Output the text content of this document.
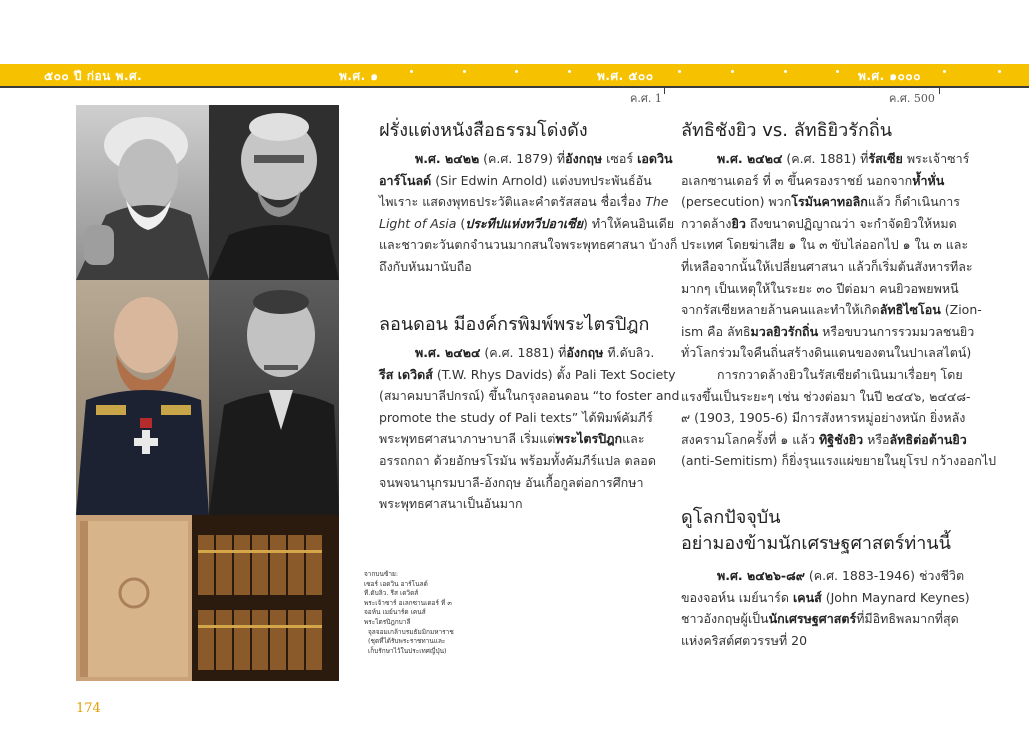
๕๐๐ ปี ก่อน พ.ศ.	พ.ศ. ๑	พ.ศ. ๕๐๐	พ.ศ. ๑๐๐๐
ค.ศ. 1	ค.ศ. 500
จากบนซ้าย:
เซอร์ เอดวิน อาร์โนลด์
ที.ดับลิว. รีส เดวิดส์
พระเจ้าซาร์ อเลกซานเดอร์ ที่ ๓
จอห์น เมย์นาร์ด เคนส์
พระไตรปิฎกบาลี
จุลจอมเกล้าบรมธัมมิกมหาราช
(ชุดที่ได้รับพระราชทานและ
เก็บรักษาไว้ในประเทศญี่ปุ่น)
174
ฝรั่งแต่งหนังสือธรรมโด่งดัง
พ.ศ. ๒๔๒๒ (ค.ศ. 1879) ที่อังกฤษ เซอร์ เอดวิน
อาร์โนลด์ (Sir Edwin Arnold) แต่งบทประพันธ์อัน
ไพเราะ แสดงพุทธประวัติและคำตรัสสอน ชื่อเรื่อง The
Light of Asia (ประทีปแห่งทวีปอาเซีย) ทำให้คนอินเดีย
และชาวตะวันตกจำนวนมากสนใจพระพุทธศาสนา บ้างก็
ถึงกับหันมานับถือ
ลอนดอน มีองค์กรพิมพ์พระไตรปิฎก
พ.ศ. ๒๔๒๔ (ค.ศ. 1881) ที่อังกฤษ ที.ดับลิว.
รีส เดวิดส์ (T.W. Rhys Davids) ตั้ง Pali Text Society
(สมาคมบาลีปกรณ์) ขึ้นในกรุงลอนดอน “to foster and
promote the study of Pali texts” ได้พิมพ์คัมภีร์
พระพุทธศาสนาภาษาบาลี เริ่มแต่พระไตรปิฎกและ
อรรถกถา ด้วยอักษรโรมัน พร้อมทั้งคัมภีร์แปล ตลอด
จนพจนานุกรมบาลี-อังกฤษ อันเกื้อกูลต่อการศึกษา
พระพุทธศาสนาเป็นอันมาก
ลัทธิชังยิว vs. ลัทธิยิวรักถิ่น
พ.ศ. ๒๔๒๔ (ค.ศ. 1881) ที่รัสเซีย พระเจ้าซาร์
อเลกซานเดอร์ ที่ ๓ ขึ้นครองราชย์ นอกจากห้ำหั่น
(persecution) พวกโรมันคาทอลิกแล้ว ก็ดำเนินการ
กวาดล้างยิว ถึงขนาดปฏิญาณว่า จะกำจัดยิวให้หมด
ประเทศ โดยฆ่าเสีย ๑ ใน ๓ ขับไล่ออกไป ๑ ใน ๓ และ
ที่เหลือจากนั้นให้เปลี่ยนศาสนา แล้วก็เริ่มต้นสังหารทีละ
มากๆ เป็นเหตุให้ในระยะ ๓๐ ปีต่อมา คนยิวอพยพหนี
จากรัสเซียหลายล้านคนและทำให้เกิดลัทธิไซโอน (Zion-
ism คือ ลัทธิมวลยิวรักถิ่น หรือขบวนการรวมมวลชนยิว
ทั่วโลกร่วมใจคืนถิ่นสร้างดินแดนของตนในปาเลสไตน์)
การกวาดล้างยิวในรัสเซียดำเนินมาเรื่อยๆ โดย
แรงขึ้นเป็นระยะๆ เช่น ช่วงต่อมา ในปี ๒๔๔๖, ๒๔๔๘-
๙ (1903, 1905-6) มีการสังหารหมู่อย่างหนัก ยิ่งหลัง
สงครามโลกครั้งที่ ๑ แล้ว ทิฐิชังยิว หรือลัทธิต่อต้านยิว
(anti-Semitism) ก็ยิ่งรุนแรงแผ่ขยายในยุโรป กว้างออกไป
ดูโลกปัจจุบัน
อย่ามองข้ามนักเศรษฐศาสตร์ท่านนี้
พ.ศ. ๒๔๒๖-๘๙ (ค.ศ. 1883-1946) ช่วงชีวิต
ของจอห์น เมย์นาร์ด เคนส์ (John Maynard Keynes)
ชาวอังกฤษผู้เป็นนักเศรษฐศาสตร์ที่มีอิทธิพลมากที่สุด
แห่งคริสต์ศตวรรษที่ 20
